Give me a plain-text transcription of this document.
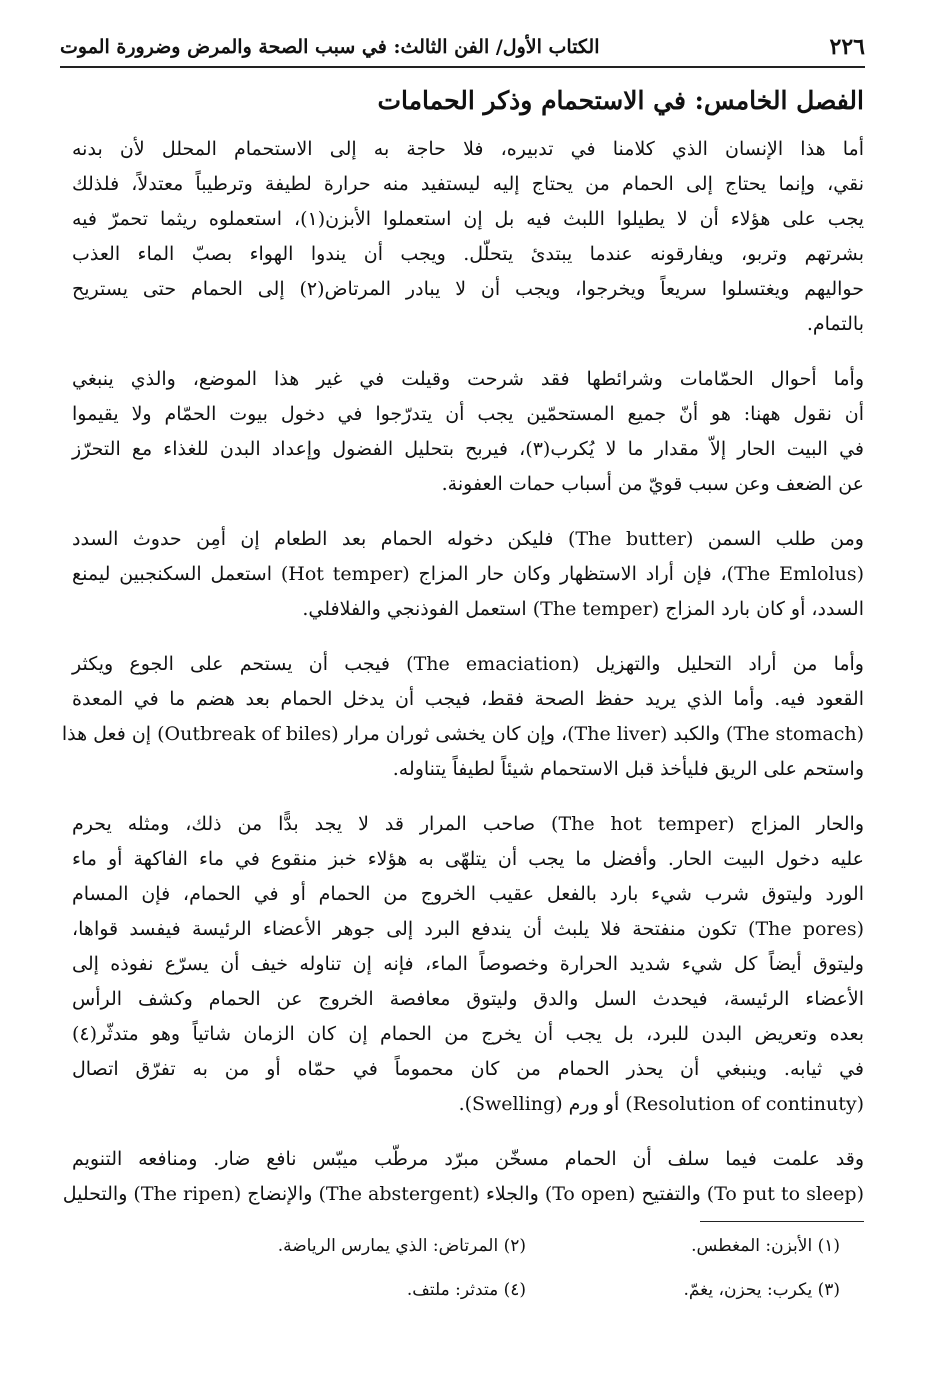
٢٢٦
الكتاب الأول/ الفن الثالث: في سبب الصحة والمرض وضرورة الموت
الفصل الخامس: في الاستحمام وذكر الحمامات
أما هذا الإنسان الذي كلامنا في تدبيره، فلا حاجة به إلى الاستحمام المحلل لأن بدنه
نقي، وإنما يحتاج إلى الحمام من يحتاج إليه ليستفيد منه حرارة لطيفة وترطيباً معتدلاً، فلذلك
يجب على هؤلاء أن لا يطيلوا اللبث فيه بل إن استعملوا الأبزن(١)، استعملوه ريثما تحمرّ فيه
بشرتهم وتربو، ويفارقونه عندما يبتدئ يتحلّل. ويجب أن يندوا الهواء بصبّ الماء العذب
حواليهم ويغتسلوا سريعاً ويخرجوا، ويجب أن لا يبادر المرتاض(٢) إلى الحمام حتى يستريح
بالتمام.
وأما أحوال الحمّامات وشرائطها فقد شرحت وقيلت في غير هذا الموضع، والذي ينبغي
أن نقول ههنا: هو أنّ جميع المستحمّين يجب أن يتدرّجوا في دخول بيوت الحمّام ولا يقيموا
في البيت الحار إلاّ مقدار ما لا يُكرب(٣)، فيربح بتحليل الفضول وإعداد البدن للغذاء مع التحرّز
عن الضعف وعن سبب قويّ من أسباب حمات العفونة.
ومن طلب السمن (The butter) فليكن دخوله الحمام بعد الطعام إن أمِن حدوث السدد
(The Emlolus)، فإن أراد الاستظهار وكان حار المزاج (Hot temper) استعمل السكنجبين ليمنع
السدد، أو كان بارد المزاج (The temper) استعمل الفوذنجي والفلافلي.
وأما من أراد التحليل والتهزيل (The emaciation) فيجب أن يستحم على الجوع ويكثر
القعود فيه. وأما الذي يريد حفظ الصحة فقط، فيجب أن يدخل الحمام بعد هضم ما في المعدة
(The stomach) والكبد (The liver)، وإن كان يخشى ثوران مرار (Outbreak of biles) إن فعل هذا
واستحم على الريق فليأخذ قبل الاستحمام شيئاً لطيفاً يتناوله.
والحار المزاج (The hot temper) صاحب المرار قد لا يجد بدًّا من ذلك، ومثله يحرم
عليه دخول البيت الحار. وأفضل ما يجب أن يتلهّى به هؤلاء خبز منقوع في ماء الفاكهة أو ماء
الورد وليتوق شرب شيء بارد بالفعل عقيب الخروج من الحمام أو في الحمام، فإن المسام
(The pores) تكون منفتحة فلا يلبث أن يندفع البرد إلى جوهر الأعضاء الرئيسة فيفسد قواها،
وليتوق أيضاً كل شيء شديد الحرارة وخصوصاً الماء، فإنه إن تناوله خيف أن يسرّع نفوذه إلى
الأعضاء الرئيسة، فيحدث السل والدق وليتوق معافصة الخروج عن الحمام وكشف الرأس
بعده وتعريض البدن للبرد، بل يجب أن يخرج من الحمام إن كان الزمان شاتياً وهو متدثّر(٤)
في ثيابه. وينبغي أن يحذر الحمام من كان محموماً في حمّاه أو من به تفرّق اتصال
(Resolution of continuty) أو ورم (Swelling).
وقد علمت فيما سلف أن الحمام مسخّن مبرّد مرطّب ميبّس نافع ضار. ومنافعه التنويم
(To put to sleep) والتفتيح (To open) والجلاء (The abstergent) والإنضاج (The ripen) والتحليل
(١) الأبزن: المغطس.
(٢) المرتاض: الذي يمارس الرياضة.
(٣) يكرب: يحزن، يغمّ.
(٤) متدثر: ملتف.
